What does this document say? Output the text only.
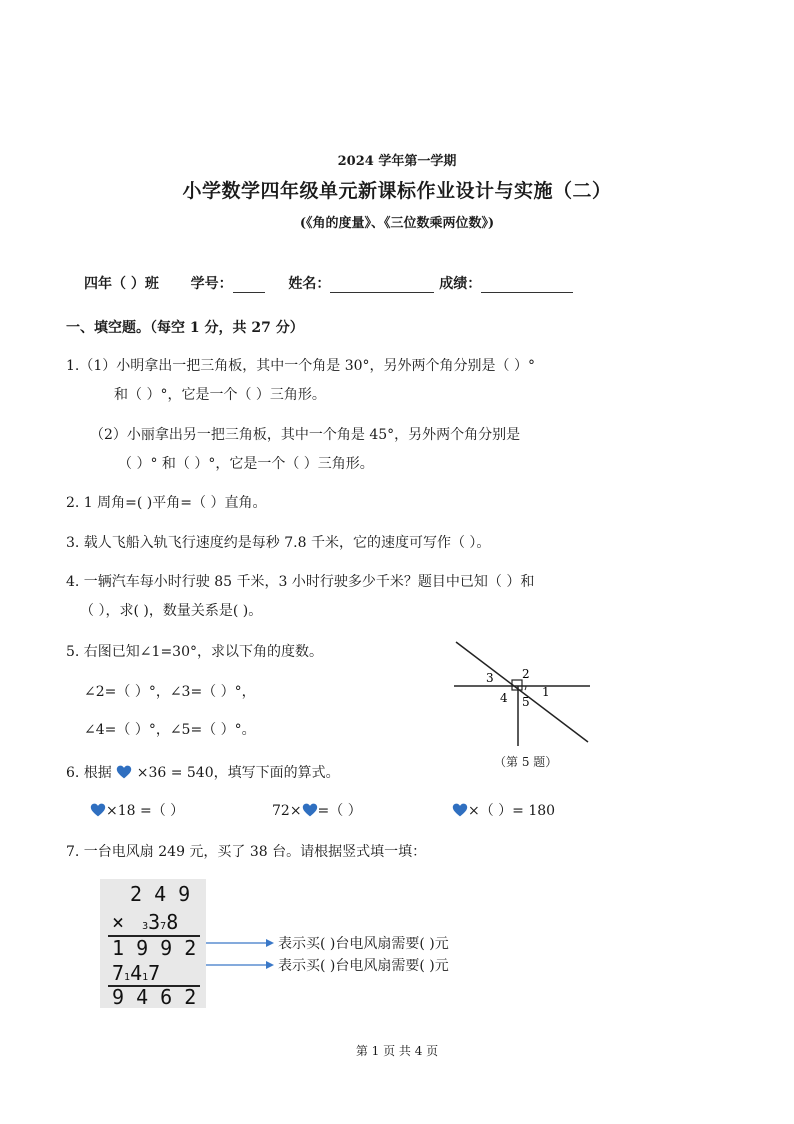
2024 学年第一学期
小学数学四年级单元新课标作业设计与实施（二）
(《角的度量》、《三位数乘两位数》)
四年（ ）班 学号：	姓名：	成绩：
一、填空题。（每空 1 分，共 27 分）
1.（1）小明拿出一把三角板，其中一个角是 30°，另外两个角分别是（ ）°
和（ ）°，它是一个（ ）三角形。
（2）小丽拿出另一把三角板，其中一个角是 45°，另外两个角分别是
（ ）° 和（ ）°，它是一个（ ）三角形。
2. 1 周角=( )平角=（ ）直角。
3. 载人飞船入轨飞行速度约是每秒 7.8 千米，它的速度可写作（ ）。
4. 一辆汽车每小时行驶 85 千米，3 小时行驶多少千米？题目中已知（ ）和
（ ），求( )，数量关系是( )。
5. 右图已知∠1=30°，求以下角的度数。
∠2=（ ）°，∠3=（ ）°，
∠4=（ ）°，∠5=（ ）°。
3 2
1
4 5
（第 5 题）
6. 根据 ×36 = 540，填写下面的算式。
×18 =（ ）	72× =（ ）	×（ ）= 180
7. 一台电风扇 249 元，买了 38 台。请根据竖式填一填：
2 4 9
× 3378
1 9 9 2
71417
9 4 6 2
表示买( )台电风扇需要( )元
表示买( )台电风扇需要( )元
第 1 页 共 4 页
